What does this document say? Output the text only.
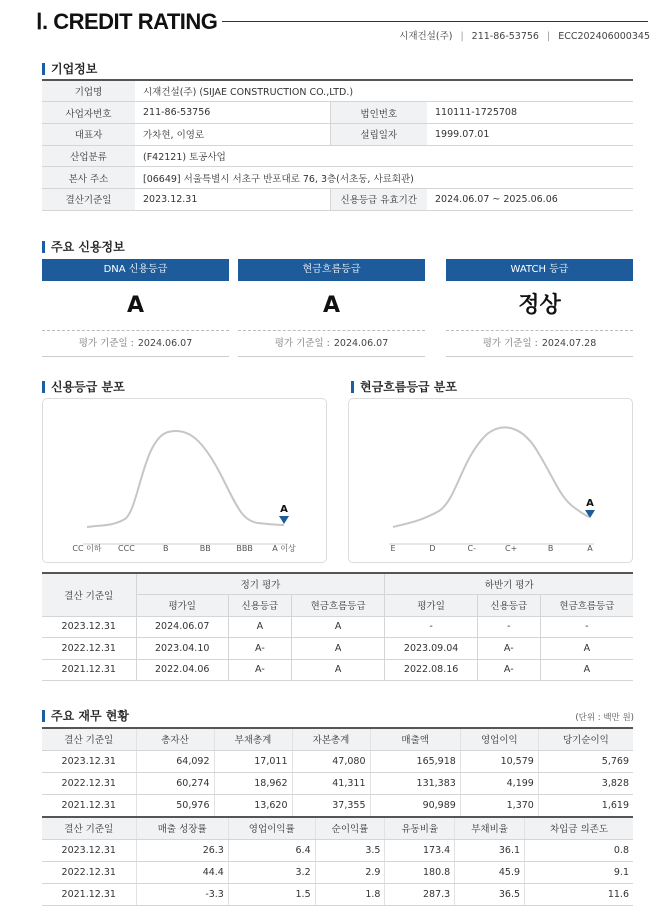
Ⅰ. CREDIT RATING
시재건설(주) | 211-86-53756 | ECC202406000345
기업정보
기업명	시재건설(주) (SIJAE CONSTRUCTION CO.,LTD.)		
사업자번호	211-86-53756	법인번호	110111-1725708
대표자	가차현, 이영로	설립일자	1999.07.01
산업분류	(F42121) 토공사업		
본사 주소	[06649] 서울특별시 서초구 반포대로 76, 3층(서초동, 사료회관)		
결산기준일	2023.12.31	신용등급 유효기간	2024.06.07 ~ 2025.06.06
주요 신용정보
DNA 신용등급
A
평가 기준일 : 2024.06.07
현금흐름등급
A
평가 기준일 : 2024.06.07
WATCH 등급
정상
평가 기준일 : 2024.07.28
신용등급 분포	현금흐름등급 분포
CC 이하 CCC	B	BB	BBB A 이상
A
E	D	C-	C+	B	A
A
결산 기준일	정기 평가			하반기 평가		
	평가일	신용등급	현금흐름등급	평가일	신용등급	현금흐름등급
2023.12.31	2024.06.07	A	A	-	-	-
2022.12.31	2023.04.10	A-	A	2023.09.04	A-	A
2021.12.31	2022.04.06	A-	A	2022.08.16	A-	A
주요 재무 현황	(단위 : 백만 원)
결산 기준일	총자산	부채총계	자본총계	매출액	영업이익	당기순이익
2023.12.31	64,092	17,011	47,080	165,918	10,579	5,769
2022.12.31	60,274	18,962	41,311	131,383	4,199	3,828
2021.12.31	50,976	13,620	37,355	90,989	1,370	1,619
결산 기준일	매출 성장률	영업이익률	순이익률	유동비율	부채비율	차입금 의존도
2023.12.31	26.3	6.4	3.5	173.4	36.1	0.8
2022.12.31	44.4	3.2	2.9	180.8	45.9	9.1
2021.12.31	-3.3	1.5	1.8	287.3	36.5	11.6
